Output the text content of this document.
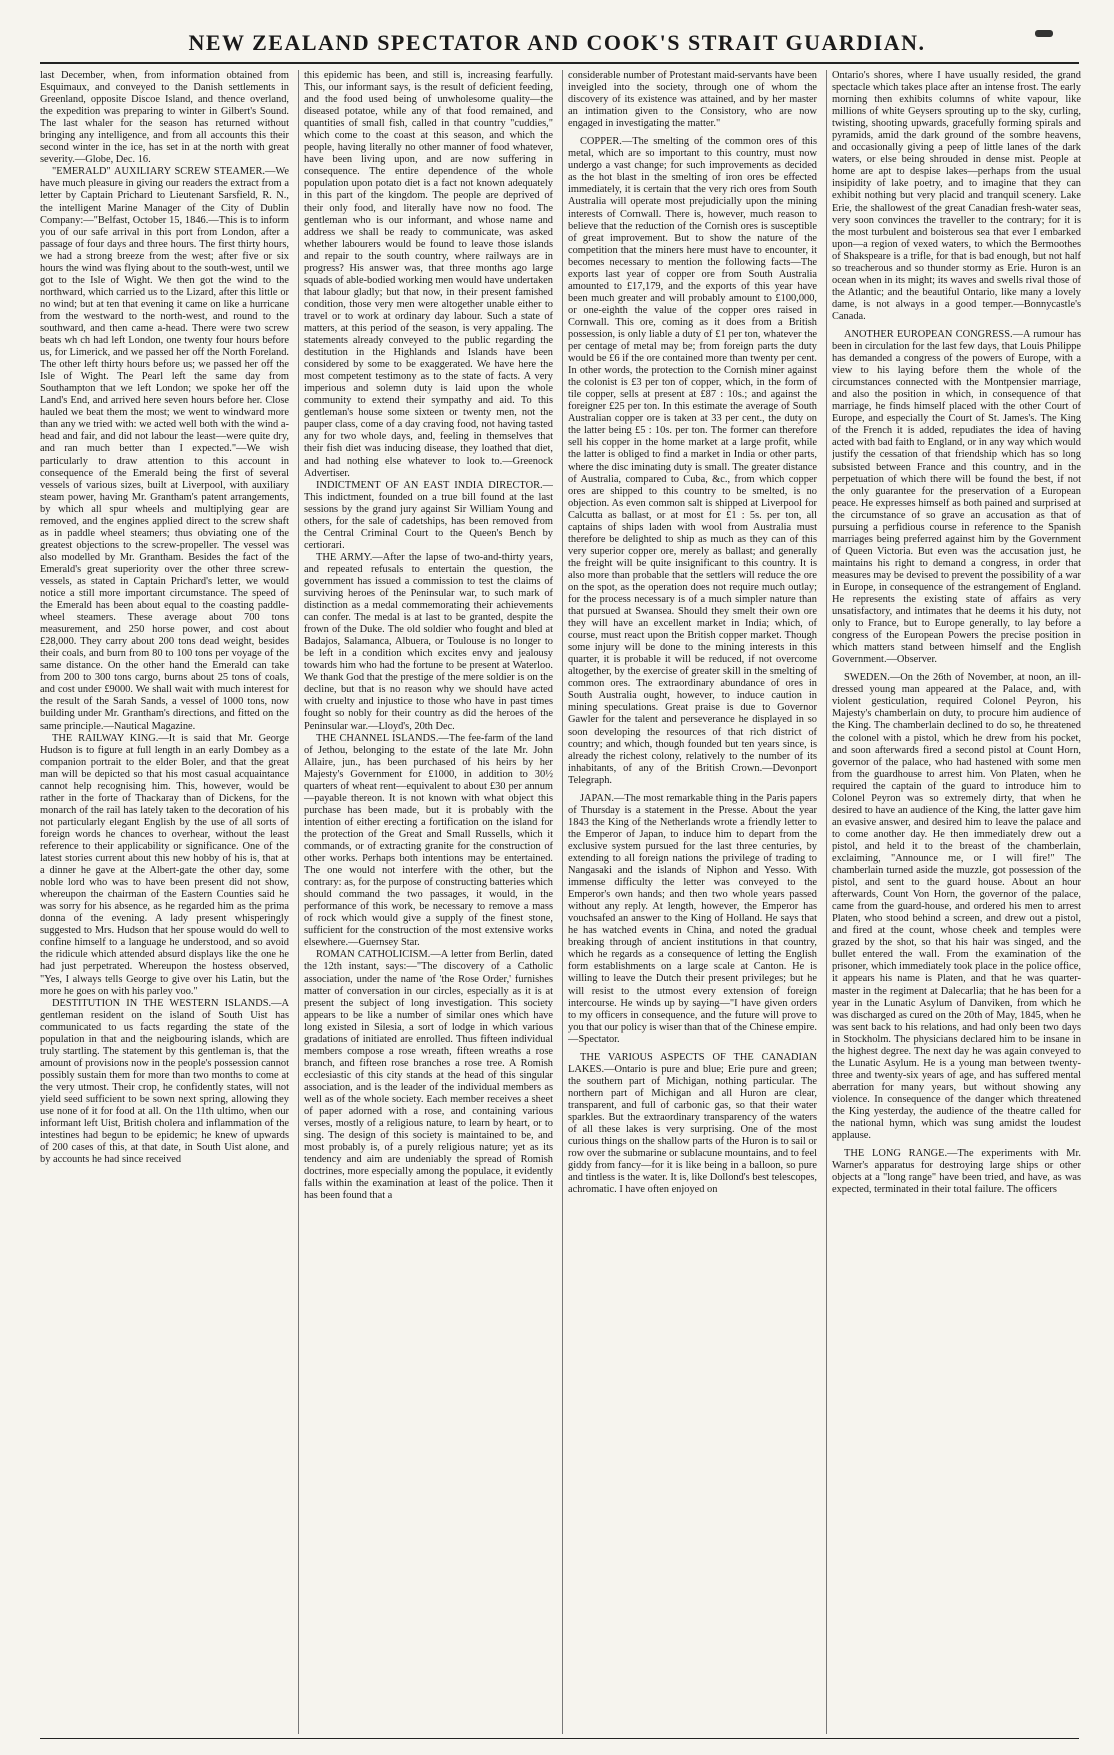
NEW ZEALAND SPECTATOR AND COOK'S STRAIT GUARDIAN.

last December, when, from information obtained from Esquimaux, and conveyed to the Danish settlements in Greenland, opposite Discoe Island, and thence overland, the expedition was preparing to winter in Gilbert's Sound. The last whaler for the season has returned without bringing any intelligence, and from all accounts this their second winter in the ice, has set in at the north with great severity.—Globe, Dec. 16.

"EMERALD" AUXILIARY SCREW STEAMER.—We have much pleasure in giving our readers the extract from a letter by Captain Prichard to Lieutenant Sarsfield, R. N., the intelligent Marine Manager of the City of Dublin Company:—"Belfast, October 15, 1846.—This is to inform you of our safe arrival in this port from London, after a passage of four days and three hours. The first thirty hours, we had a strong breeze from the west; after five or six hours the wind was flying about to the south-west, until we got to the Isle of Wight. We then got the wind to the northward, which carried us to the Lizard, after this little or no wind; but at ten that evening it came on like a hurricane from the westward to the north-west, and round to the southward, and then came a-head. There were two screw beats wh ch had left London, one twenty four hours before us, for Limerick, and we passed her off the North Foreland. The other left thirty hours before us; we passed her off the Isle of Wight. The Pearl left the same day from Southampton that we left London; we spoke her off the Land's End, and arrived here seven hours before her. Close hauled we beat them the most; we went to windward more than any we tried with: we acted well both with the wind a-head and fair, and did not labour the least—were quite dry, and ran much better than I expected."—We wish particularly to draw attention to this account in consequence of the Emerald being the first of several vessels of various sizes, built at Liverpool, with auxiliary steam power, having Mr. Grantham's patent arrangements, by which all spur wheels and multiplying gear are removed, and the engines applied direct to the screw shaft as in paddle wheel steamers; thus obviating one of the greatest objections to the screw-propeller. The vessel was also modelled by Mr. Grantham. Besides the fact of the Emerald's great superiority over the other three screw-vessels, as stated in Captain Prichard's letter, we would notice a still more important circumstance. The speed of the Emerald has been about equal to the coasting paddle-wheel steamers. These average about 700 tons measurement, and 250 horse power, and cost about £28,000. They carry about 200 tons dead weight, besides their coals, and burn from 80 to 100 tons per voyage of the same distance. On the other hand the Emerald can take from 200 to 300 tons cargo, burns about 25 tons of coals, and cost under £9000. We shall wait with much interest for the result of the Sarah Sands, a vessel of 1000 tons, now building under Mr. Grantham's directions, and fitted on the same principle.—Nautical Magazine.

THE RAILWAY KING.—It is said that Mr. George Hudson is to figure at full length in an early Dombey as a companion portrait to the elder Boler, and that the great man will be depicted so that his most casual acquaintance cannot help recognising him. This, however, would be rather in the forte of Thackaray than of Dickens, for the monarch of the rail has lately taken to the decoration of his not particularly elegant English by the use of all sorts of foreign words he chances to overhear, without the least reference to their applicability or significance. One of the latest stories current about this new hobby of his is, that at a dinner he gave at the Albert-gate the other day, some noble lord who was to have been present did not show, whereupon the chairman of the Eastern Counties said he was sorry for his absence, as he regarded him as the prima donna of the evening. A lady present whisperingly suggested to Mrs. Hudson that her spouse would do well to confine himself to a language he understood, and so avoid the ridicule which attended absurd displays like the one he had just perpetrated. Whereupon the hostess observed, "Yes, I always tells George to give over his Latin, but the more he goes on with his parley voo."

DESTITUTION IN THE WESTERN ISLANDS.—A gentleman resident on the island of South Uist has communicated to us facts regarding the state of the population in that and the neigbouring islands, which are truly startling. The statement by this gentleman is, that the amount of provisions now in the people's possession cannot possibly sustain them for more than two months to come at the very utmost. Their crop, he confidently states, will not yield seed sufficient to be sown next spring, allowing they use none of it for food at all. On the 11th ultimo, when our informant left Uist, British cholera and inflammation of the intestines had begun to be epidemic; he knew of upwards of 200 cases of this, at that date, in South Uist alone, and by accounts he had since received

this epidemic has been, and still is, increasing fearfully. This, our informant says, is the result of deficient feeding, and the food used being of unwholesome quality—the diseased potatoe, while any of that food remained, and quantities of small fish, called in that country "cuddies," which come to the coast at this season, and which the people, having literally no other manner of food whatever, have been living upon, and are now suffering in consequence. The entire dependence of the whole population upon potato diet is a fact not known adequately in this part of the kingdom. The people are deprived of their only food, and literally have now no food. The gentleman who is our informant, and whose name and address we shall be ready to communicate, was asked whether labourers would be found to leave those islands and repair to the south country, where railways are in progress? His answer was, that three months ago large squads of able-bodied working men would have undertaken that labour gladly; but that now, in their present famished condition, those very men were altogether unable either to travel or to work at ordinary day labour. Such a state of matters, at this period of the season, is very appaling. The statements already conveyed to the public regarding the destitution in the Highlands and Islands have been considered by some to be exaggerated. We have here the most competent testimony as to the state of facts. A very imperious and solemn duty is laid upon the whole community to extend their sympathy and aid. To this gentleman's house some sixteen or twenty men, not the pauper class, come of a day craving food, not having tasted any for two whole days, and, feeling in themselves that their fish diet was inducing disease, they loathed that diet, and had nothing else whatever to look to.—Greenock Advertiser.

INDICTMENT OF AN EAST INDIA DIRECTOR.—This indictment, founded on a true bill found at the last sessions by the grand jury against Sir William Young and others, for the sale of cadetships, has been removed from the Central Criminal Court to the Queen's Bench by certiorari.

THE ARMY.—After the lapse of two-and-thirty years, and repeated refusals to entertain the question, the government has issued a commission to test the claims of surviving heroes of the Peninsular war, to such mark of distinction as a medal commemorating their achievements can confer. The medal is at last to be granted, despite the frown of the Duke. The old soldier who fought and bled at Badajos, Salamanca, Albuera, or Toulouse is no longer to be left in a condition which excites envy and jealousy towards him who had the fortune to be present at Waterloo. We thank God that the prestige of the mere soldier is on the decline, but that is no reason why we should have acted with cruelty and injustice to those who have in past times fought so nobly for their country as did the heroes of the Peninsular war.—Lloyd's, 20th Dec.

THE CHANNEL ISLANDS.—The fee-farm of the land of Jethou, belonging to the estate of the late Mr. John Allaire, jun., has been purchased of his heirs by her Majesty's Government for £1000, in addition to 30½ quarters of wheat rent—equivalent to about £30 per annum—payable thereon. It is not known with what object this purchase has been made, but it is probably with the intention of either erecting a fortification on the island for the protection of the Great and Small Russells, which it commands, or of extracting granite for the construction of other works. Perhaps both intentions may be entertained. The one would not interfere with the other, but the contrary: as, for the purpose of constructing batteries which should command the two passages, it would, in the performance of this work, be necessary to remove a mass of rock which would give a supply of the finest stone, sufficient for the construction of the most extensive works elsewhere.—Guernsey Star.

ROMAN CATHOLICISM.—A letter from Berlin, dated the 12th instant, says:—"The discovery of a Catholic association, under the name of 'the Rose Order,' furnishes matter of conversation in our circles, especially as it is at present the subject of long investigation. This society appears to be like a number of similar ones which have long existed in Silesia, a sort of lodge in which various gradations of initiated are enrolled. Thus fifteen individual members compose a rose wreath, fifteen wreaths a rose branch, and fifteen rose branches a rose tree. A Romish ecclesiastic of this city stands at the head of this singular association, and is the leader of the individual members as well as of the whole society. Each member receives a sheet of paper adorned with a rose, and containing various verses, mostly of a religious nature, to learn by heart, or to sing. The design of this society is maintained to be, and most probably is, of a purely religious nature; yet as its tendency and aim are undeniably the spread of Romish doctrines, more especially among the populace, it evidently falls within the examination at least of the police. Then it has been found that a

considerable number of Protestant maid-servants have been inveigled into the society, through one of whom the discovery of its existence was attained, and by her master an intimation given to the Consistory, who are now engaged in investigating the matter."

COPPER.—The smelting of the common ores of this metal, which are so important to this country, must now undergo a vast change; for such improvements as decided as the hot blast in the smelting of iron ores be effected immediately, it is certain that the very rich ores from South Australia will operate most prejudicially upon the mining interests of Cornwall. There is, however, much reason to believe that the reduction of the Cornish ores is susceptible of great improvement. But to show the nature of the competition that the miners here must have to encounter, it becomes necessary to mention the following facts—The exports last year of copper ore from South Australia amounted to £17,179, and the exports of this year have been much greater and will probably amount to £100,000, or one-eighth the value of the copper ores raised in Cornwall. This ore, coming as it does from a British possession, is only liable a duty of £1 per ton, whatever the per centage of metal may be; from foreign parts the duty would be £6 if the ore contained more than twenty per cent. In other words, the protection to the Cornish miner against the colonist is £3 per ton of copper, which, in the form of tile copper, sells at present at £87 : 10s.; and against the foreigner £25 per ton. In this estimate the average of South Australian copper ore is taken at 33 per cent., the duty on the latter being £5 : 10s. per ton. The former can therefore sell his copper in the home market at a large profit, while the latter is obliged to find a market in India or other parts, where the disc iminating duty is small. The greater distance of Australia, compared to Cuba, &c., from which copper ores are shipped to this country to be smelted, is no objection. As even common salt is shipped at Liverpool for Calcutta as ballast, or at most for £1 : 5s. per ton, all captains of ships laden with wool from Australia must therefore be delighted to ship as much as they can of this very superior copper ore, merely as ballast; and generally the freight will be quite insignificant to this country. It is also more than probable that the settlers will reduce the ore on the spot, as the operation does not require much outlay; for the process necessary is of a much simpler nature than that pursued at Swansea. Should they smelt their own ore they will have an excellent market in India; which, of course, must react upon the British copper market. Though some injury will be done to the mining interests in this quarter, it is probable it will be reduced, if not overcome altogether, by the exercise of greater skill in the smelting of common ores. The extraordinary abundance of ores in South Australia ought, however, to induce caution in mining speculations. Great praise is due to Governor Gawler for the talent and perseverance he displayed in so soon developing the resources of that rich district of country; and which, though founded but ten years since, is already the richest colony, relatively to the number of its inhabitants, of any of the British Crown.—Devonport Telegraph.

JAPAN.—The most remarkable thing in the Paris papers of Thursday is a statement in the Presse. About the year 1843 the King of the Netherlands wrote a friendly letter to the Emperor of Japan, to induce him to depart from the exclusive system pursued for the last three centuries, by extending to all foreign nations the privilege of trading to Nangasaki and the islands of Niphon and Yesso. With immense difficulty the letter was conveyed to the Emperor's own hands; and then two whole years passed without any reply. At length, however, the Emperor has vouchsafed an answer to the King of Holland. He says that he has watched events in China, and noted the gradual breaking through of ancient institutions in that country, which he regards as a consequence of letting the English form establishments on a large scale at Canton. He is willing to leave the Dutch their present privileges; but he will resist to the utmost every extension of foreign intercourse. He winds up by saying—"I have given orders to my officers in consequence, and the future will prove to you that our policy is wiser than that of the Chinese empire.—Spectator.

THE VARIOUS ASPECTS OF THE CANADIAN LAKES.—Ontario is pure and blue; Erie pure and green; the southern part of Michigan, nothing particular. The northern part of Michigan and all Huron are clear, transparent, and full of carbonic gas, so that their water sparkles. But the extraordinary transparency of the waters of all these lakes is very surprising. One of the most curious things on the shallow parts of the Huron is to sail or row over the submarine or sublacune mountains, and to feel giddy from fancy—for it is like being in a balloon, so pure and tintless is the water. It is, like Dollond's best telescopes, achromatic. I have often enjoyed on

Ontario's shores, where I have usually resided, the grand spectacle which takes place after an intense frost. The early morning then exhibits columns of white vapour, like millions of white Geysers sprouting up to the sky, curling, twisting, shooting upwards, gracefully forming spirals and pyramids, amid the dark ground of the sombre heavens, and occasionally giving a peep of little lanes of the dark waters, or else being shrouded in dense mist. People at home are apt to despise lakes—perhaps from the usual insipidity of lake poetry, and to imagine that they can exhibit nothing but very placid and tranquil scenery. Lake Erie, the shallowest of the great Canadian fresh-water seas, very soon convinces the traveller to the contrary; for it is the most turbulent and boisterous sea that ever I embarked upon—a region of vexed waters, to which the Bermoothes of Shakspeare is a trifle, for that is bad enough, but not half so treacherous and so thunder stormy as Erie. Huron is an ocean when in its might; its waves and swells rival those of the Atlantic; and the beautiful Ontario, like many a lovely dame, is not always in a good temper.—Bonnycastle's Canada.

ANOTHER EUROPEAN CONGRESS.—A rumour has been in circulation for the last few days, that Louis Philippe has demanded a congress of the powers of Europe, with a view to his laying before them the whole of the circumstances connected with the Montpensier marriage, and also the position in which, in consequence of that marriage, he finds himself placed with the other Court of Europe, and especially the Court of St. James's. The King of the French it is added, repudiates the idea of having acted with bad faith to England, or in any way which would justify the cessation of that friendship which has so long subsisted between France and this country, and in the perpetuation of which there will be found the best, if not the only guarantee for the preservation of a European peace. He expresses himself as both pained and surprised at the circumstance of so grave an accusation as that of pursuing a perfidious course in reference to the Spanish marriages being preferred against him by the Government of Queen Victoria. But even was the accusation just, he maintains his right to demand a congress, in order that measures may be devised to prevent the possibility of a war in Europe, in consequence of the estrangement of England. He represents the existing state of affairs as very unsatisfactory, and intimates that he deems it his duty, not only to France, but to Europe generally, to lay before a congress of the European Powers the precise position in which matters stand between himself and the English Government.—Observer.

SWEDEN.—On the 26th of November, at noon, an ill-dressed young man appeared at the Palace, and, with violent gesticulation, required Colonel Peyron, his Majesty's chamberlain on duty, to procure him audience of the King. The chamberlain declined to do so, he threatened the colonel with a pistol, which he drew from his pocket, and soon afterwards fired a second pistol at Count Horn, governor of the palace, who had hastened with some men from the guardhouse to arrest him. Von Platen, when he required the captain of the guard to introduce him to Colonel Peyron was so extremely dirty, that when he desired to have an audience of the King, the latter gave him an evasive answer, and desired him to leave the palace and to come another day. He then immediately drew out a pistol, and held it to the breast of the chamberlain, exclaiming, "Announce me, or I will fire!" The chamberlain turned aside the muzzle, got possession of the pistol, and sent to the guard house. About an hour afterwards, Count Von Horn, the governor of the palace, came from the guard-house, and ordered his men to arrest Platen, who stood behind a screen, and drew out a pistol, and fired at the count, whose cheek and temples were grazed by the shot, so that his hair was singed, and the bullet entered the wall. From the examination of the prisoner, which immediately took place in the police office, it appears his name is Platen, and that he was quarter-master in the regiment at Dalecarlia; that he has been for a year in the Lunatic Asylum of Danviken, from which he was discharged as cured on the 20th of May, 1845, when he was sent back to his relations, and had only been two days in Stockholm. The physicians declared him to be insane in the highest degree. The next day he was again conveyed to the Lunatic Asylum. He is a young man between twenty-three and twenty-six years of age, and has suffered mental aberration for many years, but without showing any violence. In consequence of the danger which threatened the King yesterday, the audience of the theatre called for the national hymn, which was sung amidst the loudest applause.

THE LONG RANGE.—The experiments with Mr. Warner's apparatus for destroying large ships or other objects at a "long range" have been tried, and have, as was expected, terminated in their total failure. The officers
